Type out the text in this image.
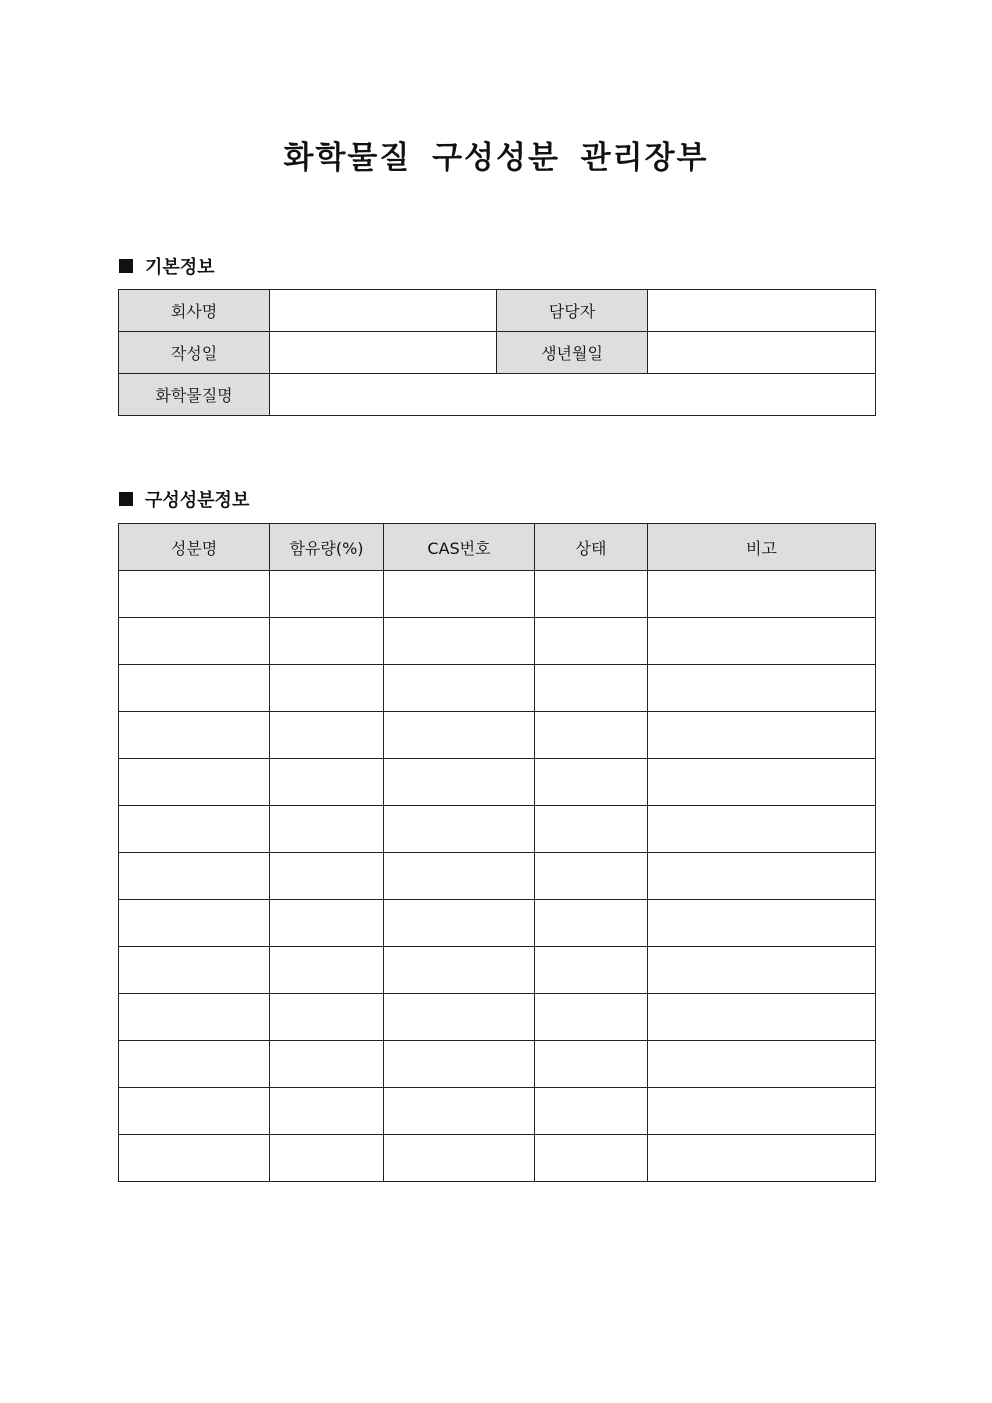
화학물질 구성성분 관리장부
기본정보
회사명		담당자	
작성일		생년월일	
화학물질명			
구성성분정보
성분명	함유량(%)	CAS번호	상태	비고
